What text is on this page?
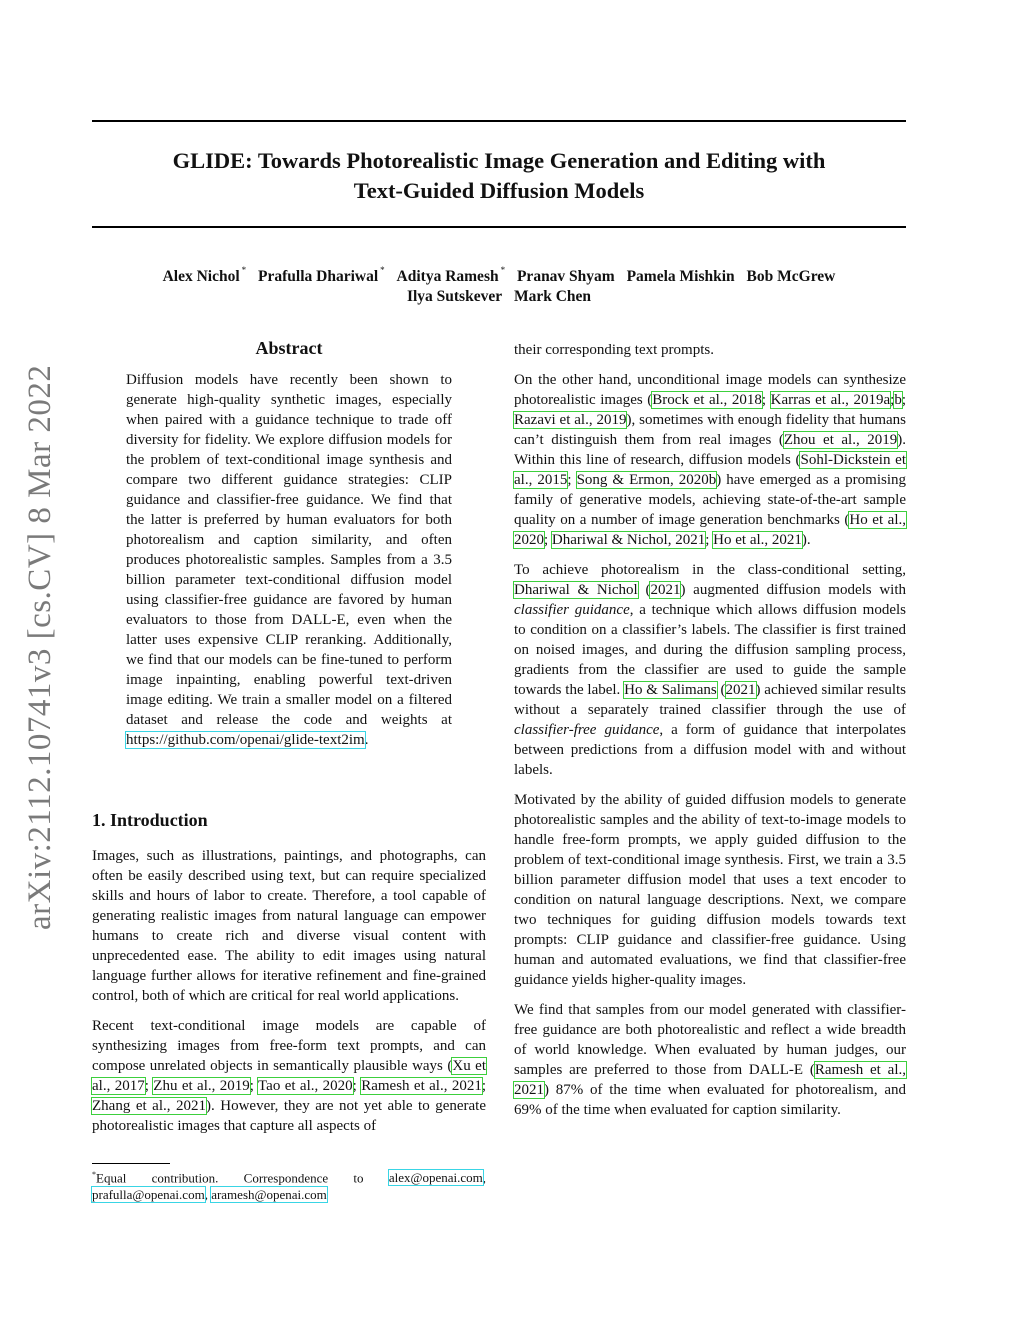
arXiv:2112.10741v3 [cs.CV] 8 Mar 2022
GLIDE: Towards Photorealistic Image Generation and Editing with
Text-Guided Diffusion Models
Alex Nichol * Prafulla Dhariwal * Aditya Ramesh * Pranav Shyam Pamela Mishkin Bob McGrew
Ilya Sutskever Mark Chen
Abstract
Diffusion models have recently been shown to generate high-quality synthetic images, especially when paired with a guidance technique to trade off diversity for fidelity. We explore diffusion models for the problem of text-conditional image synthesis and compare two different guidance strategies: CLIP guidance and classifier-free guidance. We find that the latter is preferred by human evaluators for both photorealism and caption similarity, and often produces photorealistic samples. Samples from a 3.5 billion parameter text-conditional diffusion model using classifier-free guidance are favored by human evaluators to those from DALL-E, even when the latter uses expensive CLIP reranking. Additionally, we find that our models can be fine-tuned to perform image inpainting, enabling powerful text-driven image editing. We train a smaller model on a filtered dataset and release the code and weights at https://github.com/openai/glide-text2im.
1. Introduction

Images, such as illustrations, paintings, and photographs, can often be easily described using text, but can require specialized skills and hours of labor to create. Therefore, a tool capable of generating realistic images from natural language can empower humans to create rich and diverse visual content with unprecedented ease. The ability to edit images using natural language further allows for iterative refinement and fine-grained control, both of which are critical for real world applications.

Recent text-conditional image models are capable of synthesizing images from free-form text prompts, and can compose unrelated objects in semantically plausible ways (Xu et al., 2017; Zhu et al., 2019; Tao et al., 2020; Ramesh et al., 2021; Zhang et al., 2021). However, they are not yet able to generate photorealistic images that capture all aspects of

their corresponding text prompts.

On the other hand, unconditional image models can synthesize photorealistic images (Brock et al., 2018; Karras et al., 2019a;b; Razavi et al., 2019), sometimes with enough fidelity that humans can’t distinguish them from real images (Zhou et al., 2019). Within this line of research, diffusion models (Sohl-Dickstein et al., 2015; Song & Ermon, 2020b) have emerged as a promising family of generative models, achieving state-of-the-art sample quality on a number of image generation benchmarks (Ho et al., 2020; Dhariwal & Nichol, 2021; Ho et al., 2021).

To achieve photorealism in the class-conditional setting, Dhariwal & Nichol (2021) augmented diffusion models with classifier guidance, a technique which allows diffusion models to condition on a classifier’s labels. The classifier is first trained on noised images, and during the diffusion sampling process, gradients from the classifier are used to guide the sample towards the label. Ho & Salimans (2021) achieved similar results without a separately trained classifier through the use of classifier-free guidance, a form of guidance that interpolates between predictions from a diffusion model with and without labels.

Motivated by the ability of guided diffusion models to generate photorealistic samples and the ability of text-to-image models to handle free-form prompts, we apply guided diffusion to the problem of text-conditional image synthesis. First, we train a 3.5 billion parameter diffusion model that uses a text encoder to condition on natural language descriptions. Next, we compare two techniques for guiding diffusion models towards text prompts: CLIP guidance and classifier-free guidance. Using human and automated evaluations, we find that classifier-free guidance yields higher-quality images.

We find that samples from our model generated with classifier-free guidance are both photorealistic and reflect a wide breadth of world knowledge. When evaluated by human judges, our samples are preferred to those from DALL-E (Ramesh et al., 2021) 87% of the time when evaluated for photorealism, and 69% of the time when evaluated for caption similarity.

*Equal contribution. Correspondence to alex@openai.com, prafulla@openai.com, aramesh@openai.com
